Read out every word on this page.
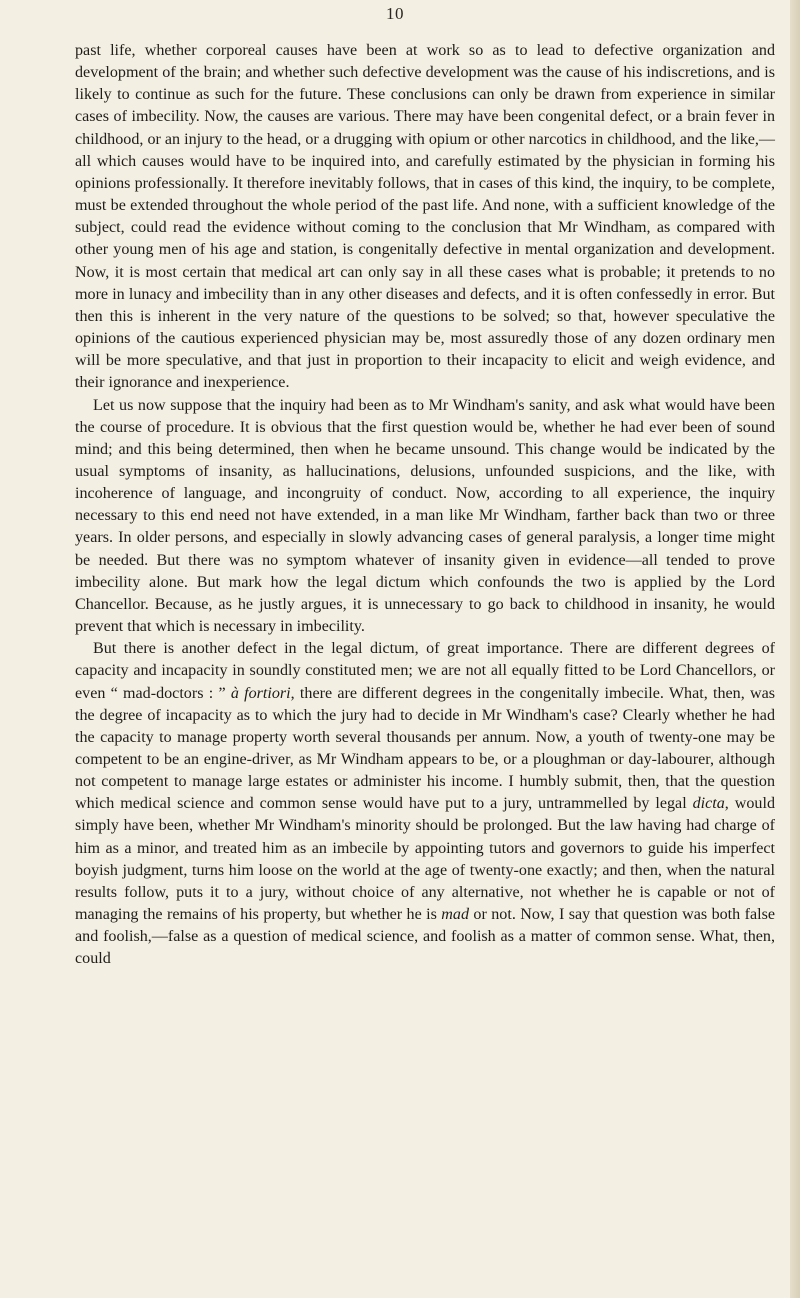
10

past life, whether corporeal causes have been at work so as to lead to defective organization and development of the brain; and whether such defective development was the cause of his indiscretions, and is likely to continue as such for the future. These conclusions can only be drawn from experience in similar cases of imbecility. Now, the causes are various. There may have been congenital defect, or a brain fever in childhood, or an injury to the head, or a drugging with opium or other narcotics in childhood, and the like,—all which causes would have to be inquired into, and carefully estimated by the physician in forming his opinions professionally. It therefore inevitably follows, that in cases of this kind, the inquiry, to be complete, must be extended throughout the whole period of the past life. And none, with a sufficient knowledge of the subject, could read the evidence without coming to the conclusion that Mr Windham, as compared with other young men of his age and station, is congenitally defective in mental organization and development. Now, it is most certain that medical art can only say in all these cases what is probable; it pretends to no more in lunacy and imbecility than in any other diseases and defects, and it is often confessedly in error. But then this is inherent in the very nature of the questions to be solved; so that, however speculative the opinions of the cautious experienced physician may be, most assuredly those of any dozen ordinary men will be more speculative, and that just in proportion to their incapacity to elicit and weigh evidence, and their ignorance and inexperience.

Let us now suppose that the inquiry had been as to Mr Windham's sanity, and ask what would have been the course of procedure. It is obvious that the first question would be, whether he had ever been of sound mind; and this being determined, then when he became unsound. This change would be indicated by the usual symptoms of insanity, as hallucinations, delusions, unfounded suspicions, and the like, with incoherence of language, and incongruity of conduct. Now, according to all experience, the inquiry necessary to this end need not have extended, in a man like Mr Windham, farther back than two or three years. In older persons, and especially in slowly advancing cases of general paralysis, a longer time might be needed. But there was no symptom whatever of insanity given in evidence—all tended to prove imbecility alone. But mark how the legal dictum which confounds the two is applied by the Lord Chancellor. Because, as he justly argues, it is unnecessary to go back to childhood in insanity, he would prevent that which is necessary in imbecility.

But there is another defect in the legal dictum, of great importance. There are different degrees of capacity and incapacity in soundly constituted men; we are not all equally fitted to be Lord Chancellors, or even “ mad-doctors : ” à fortiori, there are different degrees in the congenitally imbecile. What, then, was the degree of incapacity as to which the jury had to decide in Mr Windham's case? Clearly whether he had the capacity to manage property worth several thousands per annum. Now, a youth of twenty-one may be competent to be an engine-driver, as Mr Windham appears to be, or a ploughman or day-labourer, although not competent to manage large estates or administer his income. I humbly submit, then, that the question which medical science and common sense would have put to a jury, untrammelled by legal dicta, would simply have been, whether Mr Windham's minority should be prolonged. But the law having had charge of him as a minor, and treated him as an imbecile by appointing tutors and governors to guide his imperfect boyish judgment, turns him loose on the world at the age of twenty-one exactly; and then, when the natural results follow, puts it to a jury, without choice of any alternative, not whether he is capable or not of managing the remains of his property, but whether he is mad or not. Now, I say that question was both false and foolish,—false as a question of medical science, and foolish as a matter of common sense. What, then, could
